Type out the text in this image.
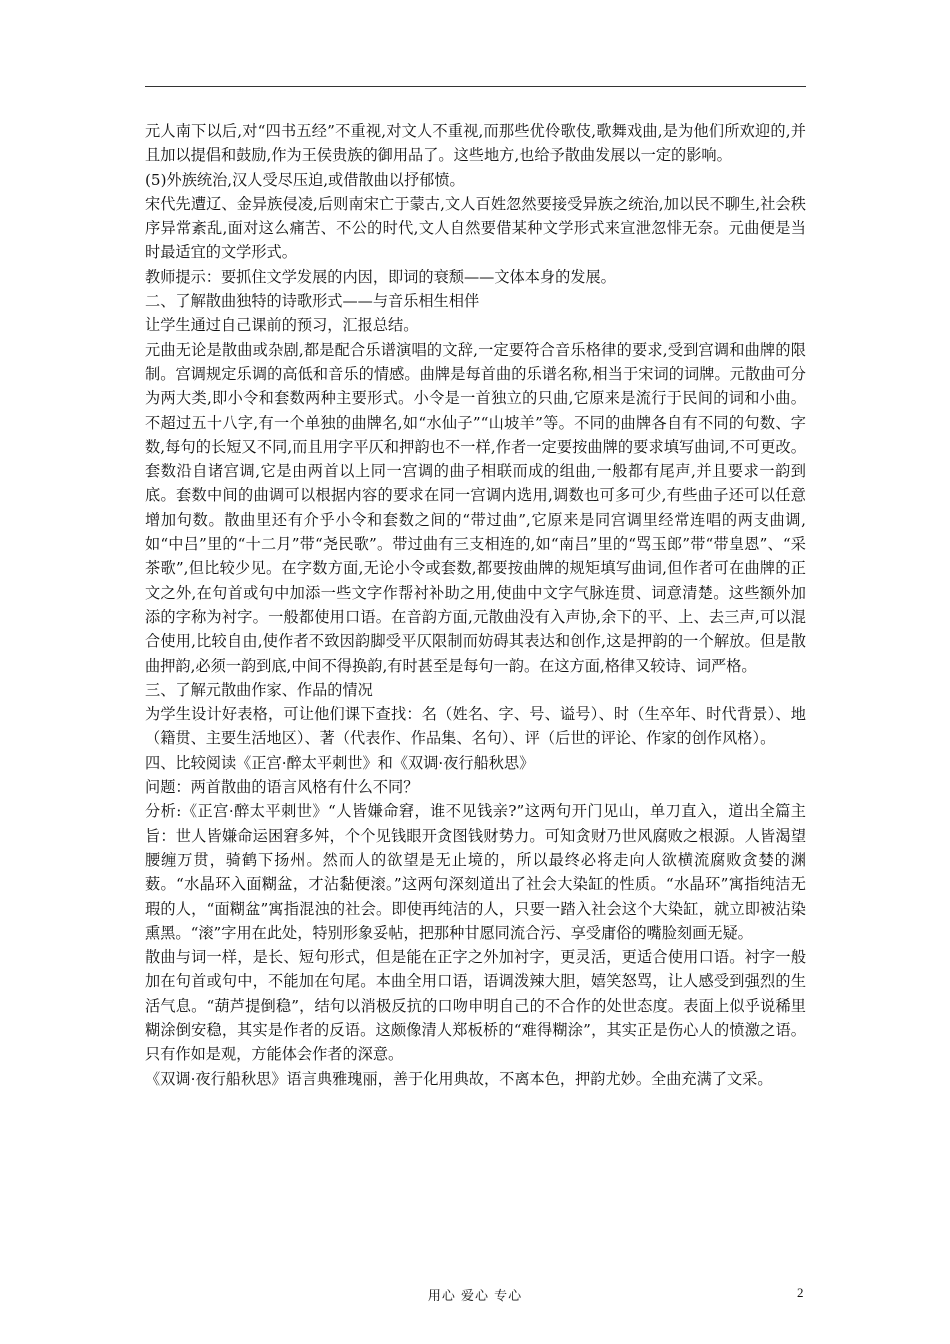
元人南下以后,对“四书五经”不重视,对文人不重视,而那些优伶歌伎,歌舞戏曲,是为他们所欢迎的,并且加以提倡和鼓励,作为王侯贵族的御用品了。这些地方,也给予散曲发展以一定的影响。

(5)外族统治,汉人受尽压迫,或借散曲以抒郁愤。

宋代先遭辽、金异族侵凌,后则南宋亡于蒙古,文人百姓忽然要接受异族之统治,加以民不聊生,社会秩序异常紊乱,面对这么痛苦、不公的时代,文人自然要借某种文学形式来宣泄忽悱无奈。元曲便是当时最适宜的文学形式。

教师提示：要抓住文学发展的内因，即词的衰颓——文体本身的发展。

二、了解散曲独特的诗歌形式——与音乐相生相伴

让学生通过自己课前的预习，汇报总结。

元曲无论是散曲或杂剧,都是配合乐谱演唱的文辞,一定要符合音乐格律的要求,受到宫调和曲牌的限制。宫调规定乐调的高低和音乐的情感。曲牌是每首曲的乐谱名称,相当于宋词的词牌。元散曲可分为两大类,即小令和套数两种主要形式。小令是一首独立的只曲,它原来是流行于民间的词和小曲。不超过五十八字,有一个单独的曲牌名,如“水仙子”“山坡羊”等。不同的曲牌各自有不同的句数、字数,每句的长短又不同,而且用字平仄和押韵也不一样,作者一定要按曲牌的要求填写曲词,不可更改。套数沿自诸宫调,它是由两首以上同一宫调的曲子相联而成的组曲,一般都有尾声,并且要求一韵到底。套数中间的曲调可以根据内容的要求在同一宫调内选用,调数也可多可少,有些曲子还可以任意增加句数。散曲里还有介乎小令和套数之间的“带过曲”,它原来是同宫调里经常连唱的两支曲调,如“中吕”里的“十二月”带“尧民歌”。带过曲有三支相连的,如“南吕”里的“骂玉郎”带“带皇恩”、“采茶歌”,但比较少见。在字数方面,无论小令或套数,都要按曲牌的规矩填写曲词,但作者可在曲牌的正文之外,在句首或句中加添一些文字作帮衬补助之用,使曲中文字气脉连贯、词意清楚。这些额外加添的字称为衬字。一般都使用口语。在音韵方面,元散曲没有入声协,余下的平、上、去三声,可以混合使用,比较自由,使作者不致因韵脚受平仄限制而妨碍其表达和创作,这是押韵的一个解放。但是散曲押韵,必须一韵到底,中间不得换韵,有时甚至是每句一韵。在这方面,格律又较诗、词严格。

三、了解元散曲作家、作品的情况

为学生设计好表格，可让他们课下查找：名（姓名、字、号、谥号）、时（生卒年、时代背景）、地（籍贯、主要生活地区）、著（代表作、作品集、名句）、评（后世的评论、作家的创作风格）。

四、比较阅读《正宫·醉太平刺世》和《双调·夜行船秋思》

问题：两首散曲的语言风格有什么不同？

分析:《正宫·醉太平刺世》“人皆嫌命窘，谁不见钱亲?”这两句开门见山，单刀直入，道出全篇主旨：世人皆嫌命运困窘多舛，个个见钱眼开贪图钱财势力。可知贪财乃世风腐败之根源。人皆渴望腰缠万贯，骑鹤下扬州。然而人的欲望是无止境的，所以最终必将走向人欲横流腐败贪婪的渊薮。“水晶环入面糊盆，才沾黏便滚。”这两句深刻道出了社会大染缸的性质。“水晶环”寓指纯洁无瑕的人，“面糊盆”寓指混浊的社会。即使再纯洁的人，只要一踏入社会这个大染缸，就立即被沾染熏黑。“滚”字用在此处，特别形象妥帖，把那种甘愿同流合污、享受庸俗的嘴脸刻画无疑。

散曲与词一样，是长、短句形式，但是能在正字之外加衬字，更灵活，更适合使用口语。衬字一般加在句首或句中，不能加在句尾。本曲全用口语，语调泼辣大胆，嬉笑怒骂，让人感受到强烈的生活气息。“葫芦提倒稳”，结句以消极反抗的口吻申明自己的不合作的处世态度。表面上似乎说稀里糊涂倒安稳，其实是作者的反语。这颇像清人郑板桥的“难得糊涂”，其实正是伤心人的愤激之语。只有作如是观，方能体会作者的深意。

《双调·夜行船秋思》语言典雅瑰丽，善于化用典故，不离本色，押韵尤妙。全曲充满了文采。

用心 爱心 专心	2
